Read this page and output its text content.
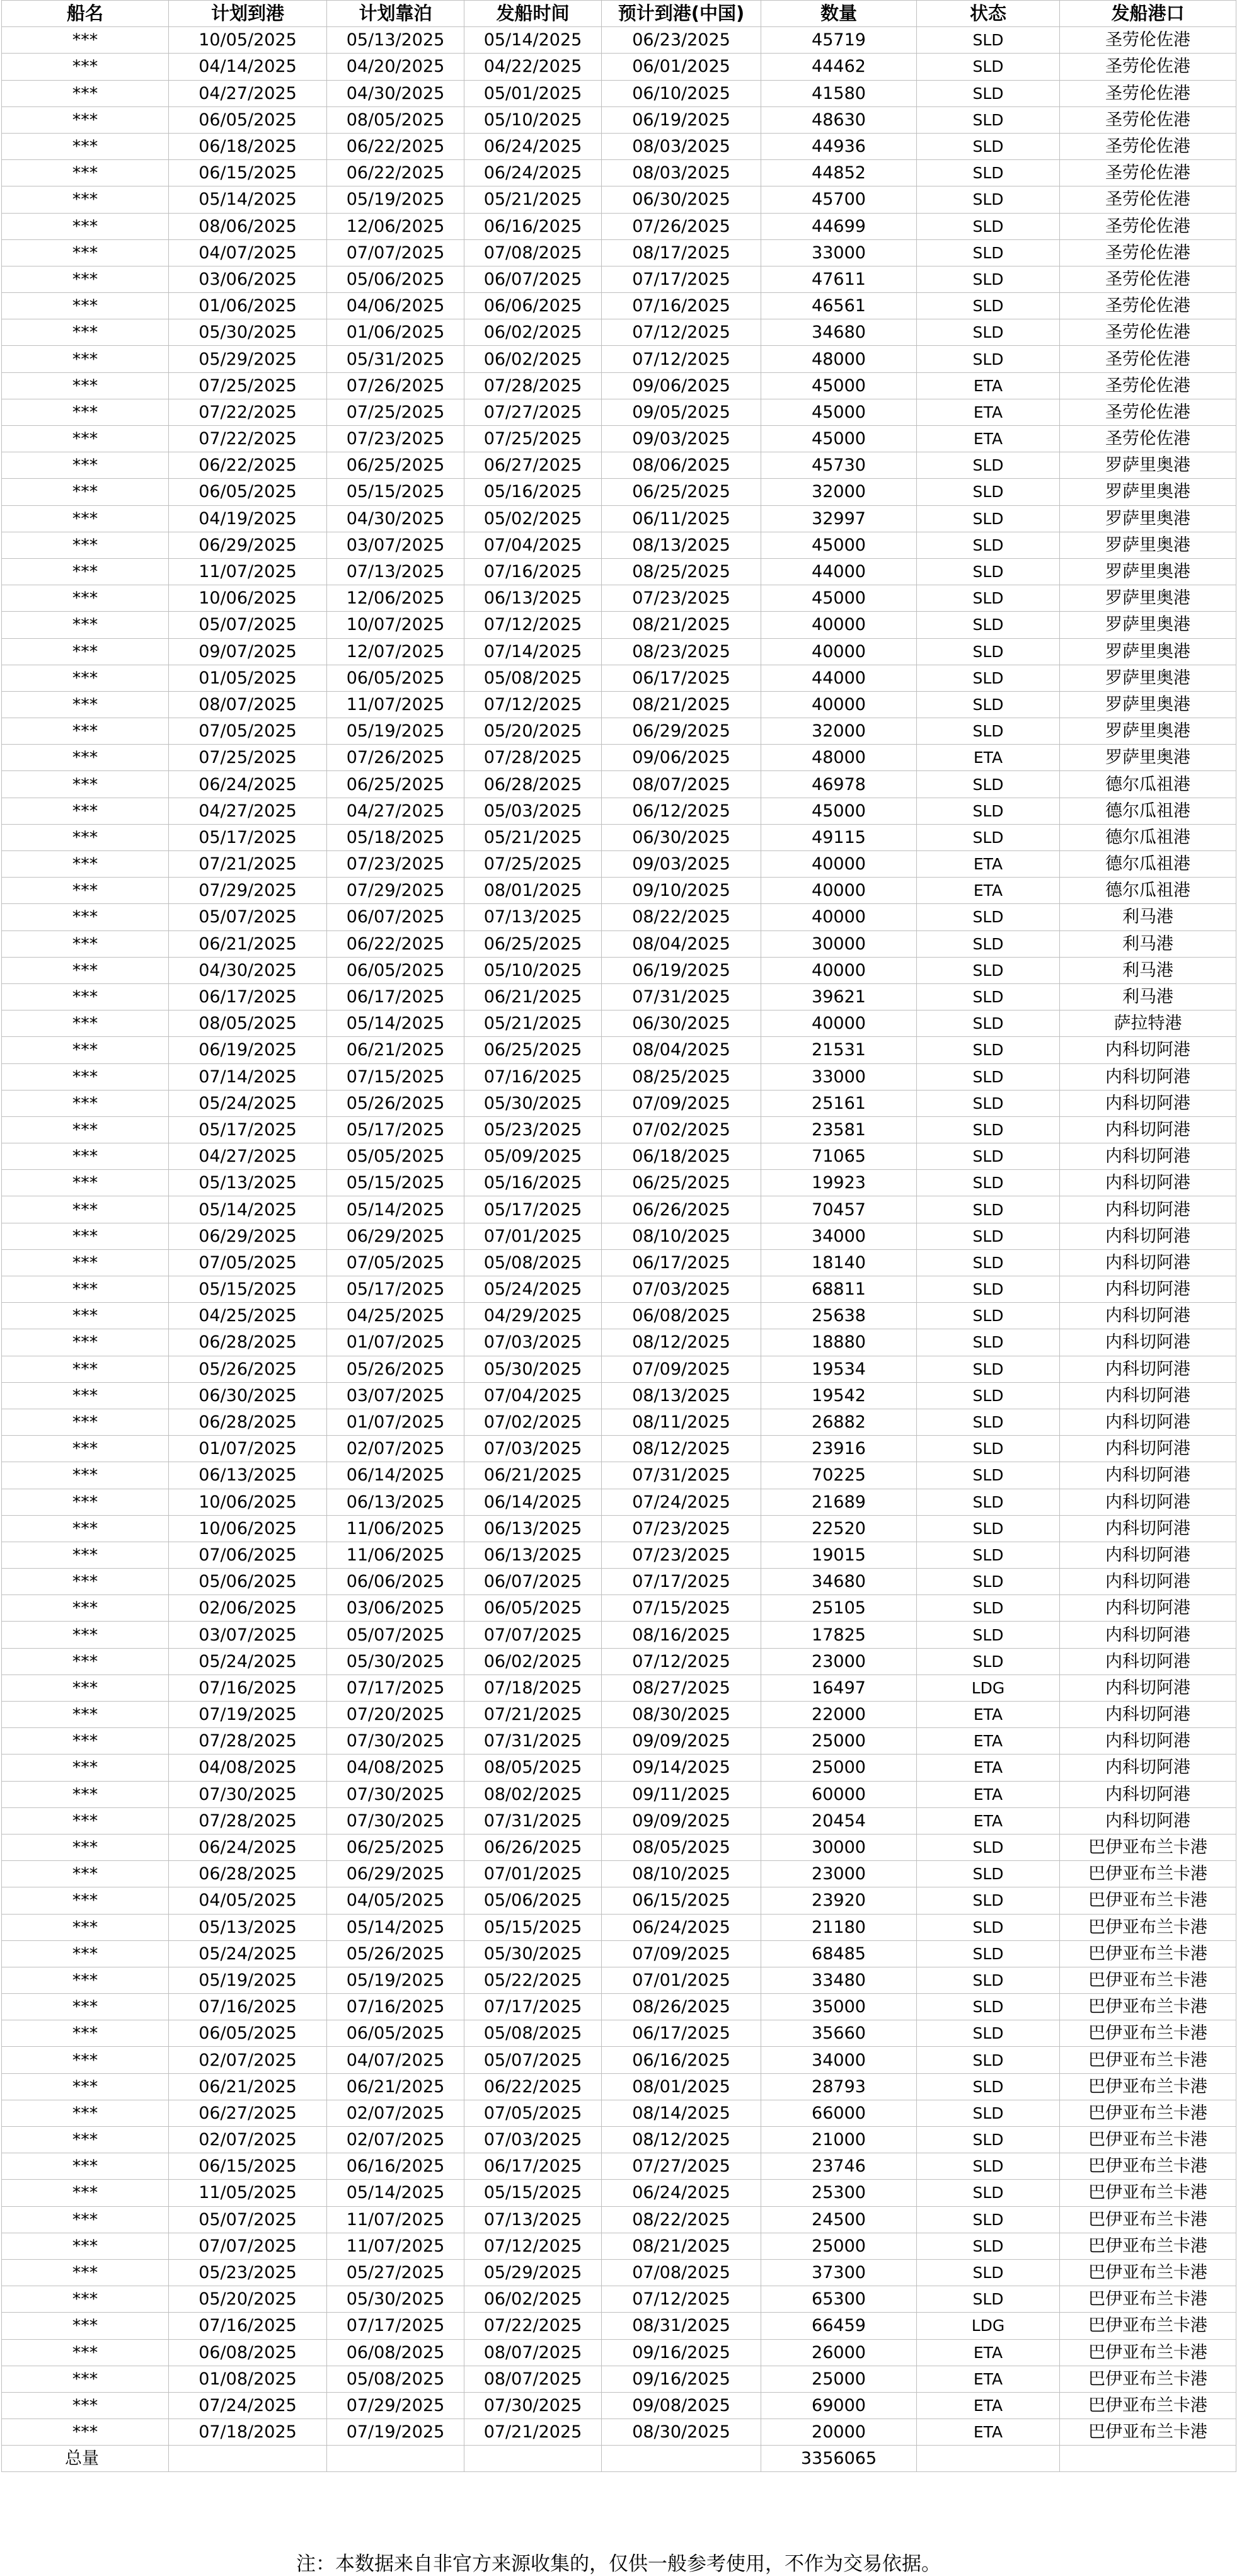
船名	计划到港	计划靠泊	发船时间	预计到港(中国)	数量	状态	发船港口
***	10/05/2025	05/13/2025	05/14/2025	06/23/2025	45719	SLD	圣劳伦佐港
***	04/14/2025	04/20/2025	04/22/2025	06/01/2025	44462	SLD	圣劳伦佐港
***	04/27/2025	04/30/2025	05/01/2025	06/10/2025	41580	SLD	圣劳伦佐港
***	06/05/2025	08/05/2025	05/10/2025	06/19/2025	48630	SLD	圣劳伦佐港
***	06/18/2025	06/22/2025	06/24/2025	08/03/2025	44936	SLD	圣劳伦佐港
***	06/15/2025	06/22/2025	06/24/2025	08/03/2025	44852	SLD	圣劳伦佐港
***	05/14/2025	05/19/2025	05/21/2025	06/30/2025	45700	SLD	圣劳伦佐港
***	08/06/2025	12/06/2025	06/16/2025	07/26/2025	44699	SLD	圣劳伦佐港
***	04/07/2025	07/07/2025	07/08/2025	08/17/2025	33000	SLD	圣劳伦佐港
***	03/06/2025	05/06/2025	06/07/2025	07/17/2025	47611	SLD	圣劳伦佐港
***	01/06/2025	04/06/2025	06/06/2025	07/16/2025	46561	SLD	圣劳伦佐港
***	05/30/2025	01/06/2025	06/02/2025	07/12/2025	34680	SLD	圣劳伦佐港
***	05/29/2025	05/31/2025	06/02/2025	07/12/2025	48000	SLD	圣劳伦佐港
***	07/25/2025	07/26/2025	07/28/2025	09/06/2025	45000	ETA	圣劳伦佐港
***	07/22/2025	07/25/2025	07/27/2025	09/05/2025	45000	ETA	圣劳伦佐港
***	07/22/2025	07/23/2025	07/25/2025	09/03/2025	45000	ETA	圣劳伦佐港
***	06/22/2025	06/25/2025	06/27/2025	08/06/2025	45730	SLD	罗萨里奥港
***	06/05/2025	05/15/2025	05/16/2025	06/25/2025	32000	SLD	罗萨里奥港
***	04/19/2025	04/30/2025	05/02/2025	06/11/2025	32997	SLD	罗萨里奥港
***	06/29/2025	03/07/2025	07/04/2025	08/13/2025	45000	SLD	罗萨里奥港
***	11/07/2025	07/13/2025	07/16/2025	08/25/2025	44000	SLD	罗萨里奥港
***	10/06/2025	12/06/2025	06/13/2025	07/23/2025	45000	SLD	罗萨里奥港
***	05/07/2025	10/07/2025	07/12/2025	08/21/2025	40000	SLD	罗萨里奥港
***	09/07/2025	12/07/2025	07/14/2025	08/23/2025	40000	SLD	罗萨里奥港
***	01/05/2025	06/05/2025	05/08/2025	06/17/2025	44000	SLD	罗萨里奥港
***	08/07/2025	11/07/2025	07/12/2025	08/21/2025	40000	SLD	罗萨里奥港
***	07/05/2025	05/19/2025	05/20/2025	06/29/2025	32000	SLD	罗萨里奥港
***	07/25/2025	07/26/2025	07/28/2025	09/06/2025	48000	ETA	罗萨里奥港
***	06/24/2025	06/25/2025	06/28/2025	08/07/2025	46978	SLD	德尔瓜祖港
***	04/27/2025	04/27/2025	05/03/2025	06/12/2025	45000	SLD	德尔瓜祖港
***	05/17/2025	05/18/2025	05/21/2025	06/30/2025	49115	SLD	德尔瓜祖港
***	07/21/2025	07/23/2025	07/25/2025	09/03/2025	40000	ETA	德尔瓜祖港
***	07/29/2025	07/29/2025	08/01/2025	09/10/2025	40000	ETA	德尔瓜祖港
***	05/07/2025	06/07/2025	07/13/2025	08/22/2025	40000	SLD	利马港
***	06/21/2025	06/22/2025	06/25/2025	08/04/2025	30000	SLD	利马港
***	04/30/2025	06/05/2025	05/10/2025	06/19/2025	40000	SLD	利马港
***	06/17/2025	06/17/2025	06/21/2025	07/31/2025	39621	SLD	利马港
***	08/05/2025	05/14/2025	05/21/2025	06/30/2025	40000	SLD	萨拉特港
***	06/19/2025	06/21/2025	06/25/2025	08/04/2025	21531	SLD	内科切阿港
***	07/14/2025	07/15/2025	07/16/2025	08/25/2025	33000	SLD	内科切阿港
***	05/24/2025	05/26/2025	05/30/2025	07/09/2025	25161	SLD	内科切阿港
***	05/17/2025	05/17/2025	05/23/2025	07/02/2025	23581	SLD	内科切阿港
***	04/27/2025	05/05/2025	05/09/2025	06/18/2025	71065	SLD	内科切阿港
***	05/13/2025	05/15/2025	05/16/2025	06/25/2025	19923	SLD	内科切阿港
***	05/14/2025	05/14/2025	05/17/2025	06/26/2025	70457	SLD	内科切阿港
***	06/29/2025	06/29/2025	07/01/2025	08/10/2025	34000	SLD	内科切阿港
***	07/05/2025	07/05/2025	05/08/2025	06/17/2025	18140	SLD	内科切阿港
***	05/15/2025	05/17/2025	05/24/2025	07/03/2025	68811	SLD	内科切阿港
***	04/25/2025	04/25/2025	04/29/2025	06/08/2025	25638	SLD	内科切阿港
***	06/28/2025	01/07/2025	07/03/2025	08/12/2025	18880	SLD	内科切阿港
***	05/26/2025	05/26/2025	05/30/2025	07/09/2025	19534	SLD	内科切阿港
***	06/30/2025	03/07/2025	07/04/2025	08/13/2025	19542	SLD	内科切阿港
***	06/28/2025	01/07/2025	07/02/2025	08/11/2025	26882	SLD	内科切阿港
***	01/07/2025	02/07/2025	07/03/2025	08/12/2025	23916	SLD	内科切阿港
***	06/13/2025	06/14/2025	06/21/2025	07/31/2025	70225	SLD	内科切阿港
***	10/06/2025	06/13/2025	06/14/2025	07/24/2025	21689	SLD	内科切阿港
***	10/06/2025	11/06/2025	06/13/2025	07/23/2025	22520	SLD	内科切阿港
***	07/06/2025	11/06/2025	06/13/2025	07/23/2025	19015	SLD	内科切阿港
***	05/06/2025	06/06/2025	06/07/2025	07/17/2025	34680	SLD	内科切阿港
***	02/06/2025	03/06/2025	06/05/2025	07/15/2025	25105	SLD	内科切阿港
***	03/07/2025	05/07/2025	07/07/2025	08/16/2025	17825	SLD	内科切阿港
***	05/24/2025	05/30/2025	06/02/2025	07/12/2025	23000	SLD	内科切阿港
***	07/16/2025	07/17/2025	07/18/2025	08/27/2025	16497	LDG	内科切阿港
***	07/19/2025	07/20/2025	07/21/2025	08/30/2025	22000	ETA	内科切阿港
***	07/28/2025	07/30/2025	07/31/2025	09/09/2025	25000	ETA	内科切阿港
***	04/08/2025	04/08/2025	08/05/2025	09/14/2025	25000	ETA	内科切阿港
***	07/30/2025	07/30/2025	08/02/2025	09/11/2025	60000	ETA	内科切阿港
***	07/28/2025	07/30/2025	07/31/2025	09/09/2025	20454	ETA	内科切阿港
***	06/24/2025	06/25/2025	06/26/2025	08/05/2025	30000	SLD	巴伊亚布兰卡港
***	06/28/2025	06/29/2025	07/01/2025	08/10/2025	23000	SLD	巴伊亚布兰卡港
***	04/05/2025	04/05/2025	05/06/2025	06/15/2025	23920	SLD	巴伊亚布兰卡港
***	05/13/2025	05/14/2025	05/15/2025	06/24/2025	21180	SLD	巴伊亚布兰卡港
***	05/24/2025	05/26/2025	05/30/2025	07/09/2025	68485	SLD	巴伊亚布兰卡港
***	05/19/2025	05/19/2025	05/22/2025	07/01/2025	33480	SLD	巴伊亚布兰卡港
***	07/16/2025	07/16/2025	07/17/2025	08/26/2025	35000	SLD	巴伊亚布兰卡港
***	06/05/2025	06/05/2025	05/08/2025	06/17/2025	35660	SLD	巴伊亚布兰卡港
***	02/07/2025	04/07/2025	05/07/2025	06/16/2025	34000	SLD	巴伊亚布兰卡港
***	06/21/2025	06/21/2025	06/22/2025	08/01/2025	28793	SLD	巴伊亚布兰卡港
***	06/27/2025	02/07/2025	07/05/2025	08/14/2025	66000	SLD	巴伊亚布兰卡港
***	02/07/2025	02/07/2025	07/03/2025	08/12/2025	21000	SLD	巴伊亚布兰卡港
***	06/15/2025	06/16/2025	06/17/2025	07/27/2025	23746	SLD	巴伊亚布兰卡港
***	11/05/2025	05/14/2025	05/15/2025	06/24/2025	25300	SLD	巴伊亚布兰卡港
***	05/07/2025	11/07/2025	07/13/2025	08/22/2025	24500	SLD	巴伊亚布兰卡港
***	07/07/2025	11/07/2025	07/12/2025	08/21/2025	25000	SLD	巴伊亚布兰卡港
***	05/23/2025	05/27/2025	05/29/2025	07/08/2025	37300	SLD	巴伊亚布兰卡港
***	05/20/2025	05/30/2025	06/02/2025	07/12/2025	65300	SLD	巴伊亚布兰卡港
***	07/16/2025	07/17/2025	07/22/2025	08/31/2025	66459	LDG	巴伊亚布兰卡港
***	06/08/2025	06/08/2025	08/07/2025	09/16/2025	26000	ETA	巴伊亚布兰卡港
***	01/08/2025	05/08/2025	08/07/2025	09/16/2025	25000	ETA	巴伊亚布兰卡港
***	07/24/2025	07/29/2025	07/30/2025	09/08/2025	69000	ETA	巴伊亚布兰卡港
***	07/18/2025	07/19/2025	07/21/2025	08/30/2025	20000	ETA	巴伊亚布兰卡港
总量					3356065		
注：本数据来自非官方来源收集的，仅供一般参考使用，不作为交易依据。
